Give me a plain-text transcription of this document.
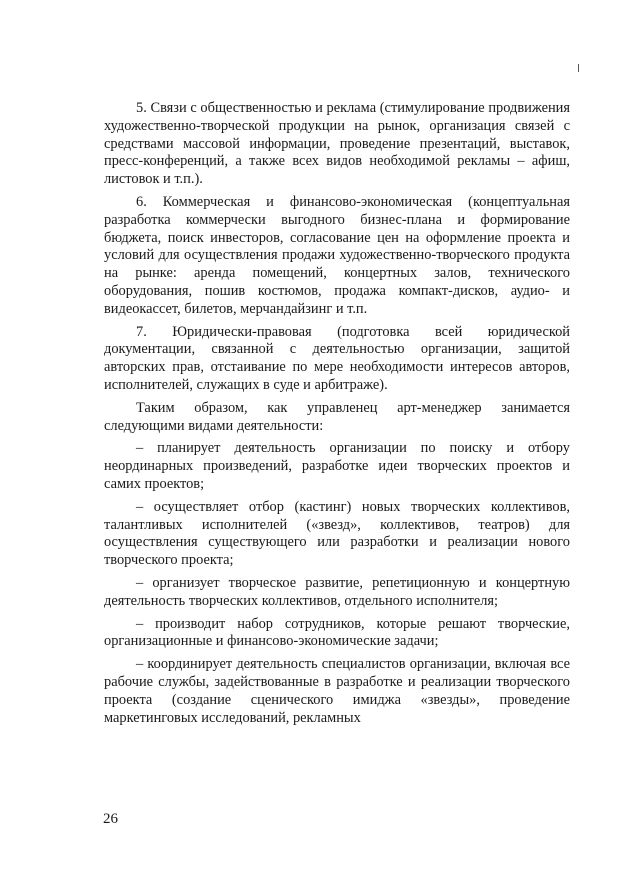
5. Связи с общественностью и реклама (стимулирование продвижения художественно-творческой продукции на рынок, организация связей с средствами массовой информации, проведение презентаций, выставок, пресс-конференций, а также всех видов необходимой рекламы – афиш, листовок и т.п.).

6. Коммерческая и финансово-экономическая (концептуальная разработка коммерчески выгодного бизнес-плана и формирование бюджета, поиск инвесторов, согласование цен на оформление проекта и условий для осуществления продажи художественно-творческого продукта на рынке: аренда помещений, концертных залов, технического оборудования, пошив костюмов, продажа компакт-дисков, аудио- и видеокассет, билетов, мерчандайзинг и т.п.

7. Юридически-правовая (подготовка всей юридической документации, связанной с деятельностью организации, защитой авторских прав, отстаивание по мере необходимости интересов авторов, исполнителей, служащих в суде и арбитраже).

Таким образом, как управленец арт-менеджер занимается следующими видами деятельности:

– планирует деятельность организации по поиску и отбору неординарных произведений, разработке идеи творческих проектов и самих проектов;

– осуществляет отбор (кастинг) новых творческих коллективов, талантливых исполнителей («звезд», коллективов, театров) для осуществления существующего или разработки и реализации нового творческого проекта;

– организует творческое развитие, репетиционную и концертную деятельность творческих коллективов, отдельного исполнителя;

– производит набор сотрудников, которые решают творческие, организационные и финансово-экономические задачи;

– координирует деятельность специалистов организации, включая все рабочие службы, задействованные в разработке и реализации творческого проекта (создание сценического имиджа «звезды», проведение маркетинговых исследований, рекламных

26
